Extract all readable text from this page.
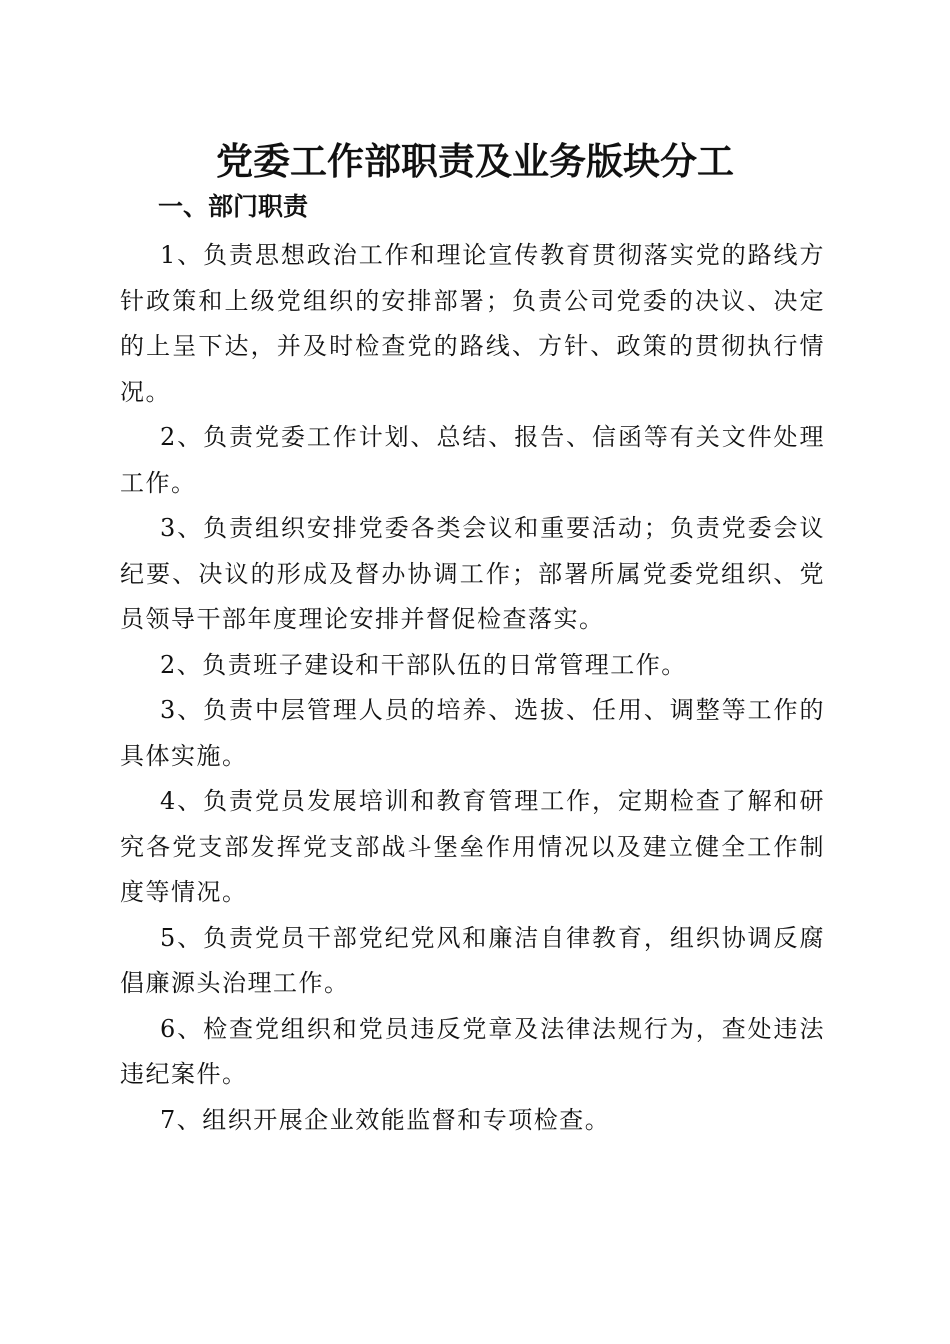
党委工作部职责及业务版块分工
一、部门职责

1、负责思想政治工作和理论宣传教育贯彻落实党的路线方针政策和上级党组织的安排部署；负责公司党委的决议、决定的上呈下达，并及时检查党的路线、方针、政策的贯彻执行情况。

2、负责党委工作计划、总结、报告、信函等有关文件处理工作。

3、负责组织安排党委各类会议和重要活动；负责党委会议纪要、决议的形成及督办协调工作；部署所属党委党组织、党员领导干部年度理论安排并督促检查落实。

2、负责班子建设和干部队伍的日常管理工作。

3、负责中层管理人员的培养、选拔、任用、调整等工作的具体实施。

4、负责党员发展培训和教育管理工作，定期检查了解和研究各党支部发挥党支部战斗堡垒作用情况以及建立健全工作制度等情况。

5、负责党员干部党纪党风和廉洁自律教育，组织协调反腐倡廉源头治理工作。

6、检查党组织和党员违反党章及法律法规行为，查处违法违纪案件。

7、组织开展企业效能监督和专项检查。
